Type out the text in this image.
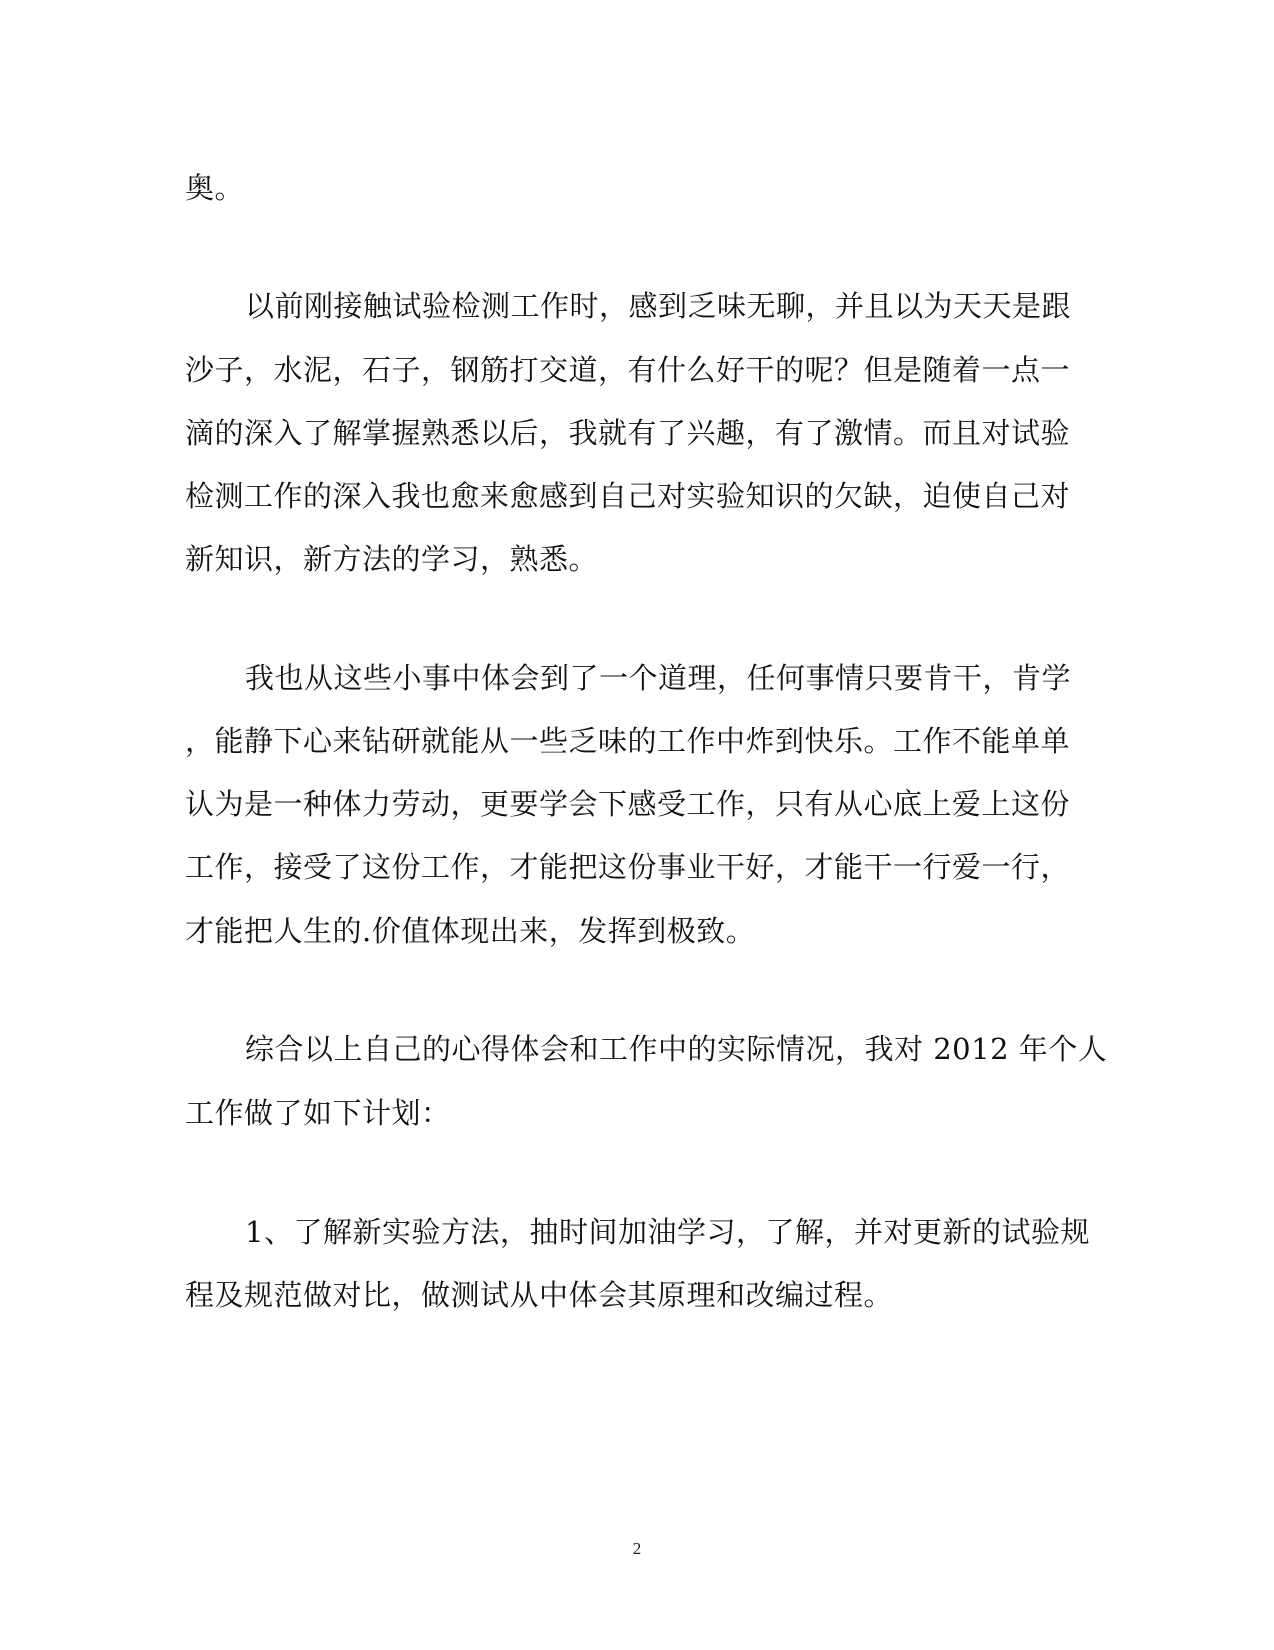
奥。
以前刚接触试验检测工作时，感到乏味无聊，并且以为天天是跟
沙子，水泥，石子，钢筋打交道，有什么好干的呢？但是随着一点一
滴的深入了解掌握熟悉以后，我就有了兴趣，有了激情。而且对试验
检测工作的深入我也愈来愈感到自己对实验知识的欠缺，迫使自己对
新知识，新方法的学习，熟悉。
我也从这些小事中体会到了一个道理，任何事情只要肯干，肯学
，能静下心来钻研就能从一些乏味的工作中炸到快乐。工作不能单单
认为是一种体力劳动，更要学会下感受工作，只有从心底上爱上这份
工作，接受了这份工作，才能把这份事业干好，才能干一行爱一行，
才能把人生的.价值体现出来，发挥到极致。
综合以上自己的心得体会和工作中的实际情况，我对 2012 年个人
工作做了如下计划：
1、了解新实验方法，抽时间加油学习，了解，并对更新的试验规
程及规范做对比，做测试从中体会其原理和改编过程。
2
